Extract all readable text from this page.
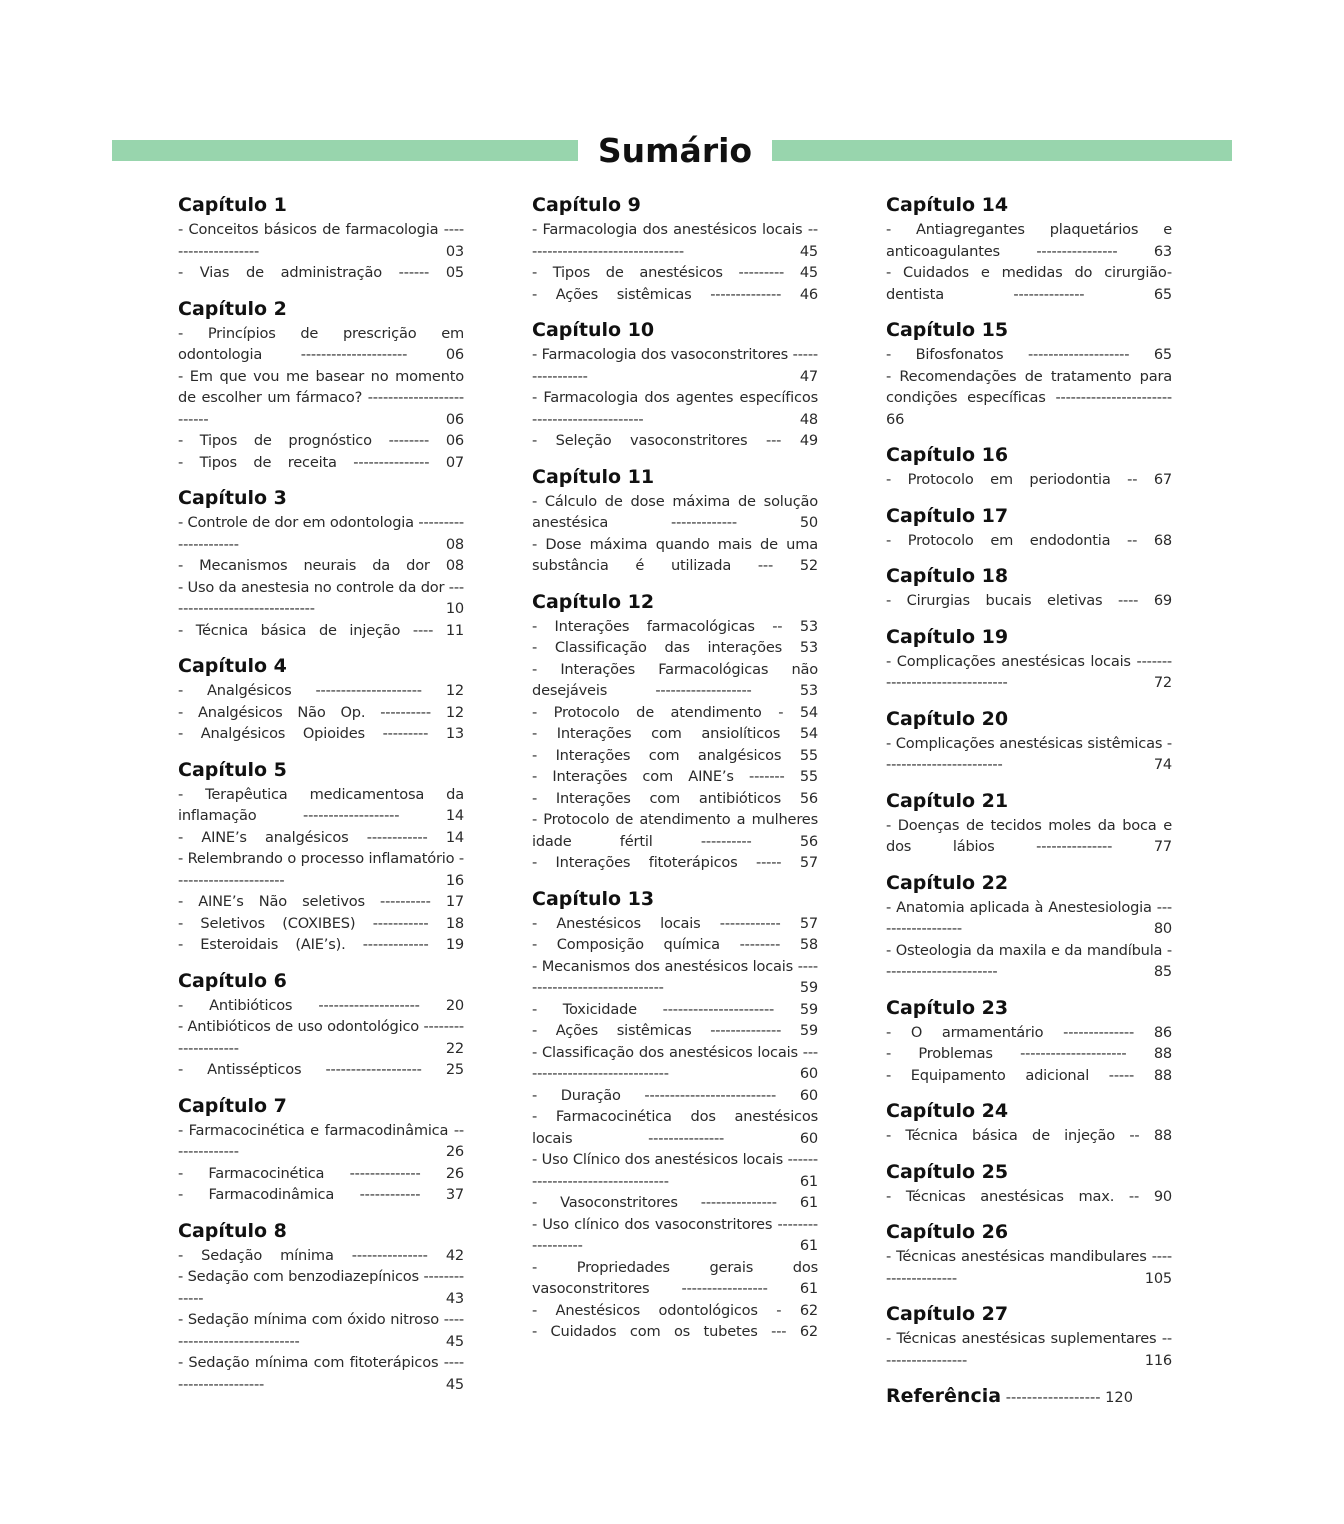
Sumário
Capítulo 1
- Conceitos básicos de farmacologia -------------------- 03
- Vias de administração ------ 05
Capítulo 2
- Princípios de prescrição em odontologia --------------------- 06
- Em que vou me basear no momento de escolher um fármaco? ------------------------- 06
- Tipos de prognóstico -------- 06
- Tipos de receita --------------- 07
Capítulo 3
- Controle de dor em odontologia --------------------- 08
- Mecanismos neurais da dor 08
- Uso da anestesia no controle da dor ------------------------------ 10
- Técnica básica de injeção ---- 11
Capítulo 4
- Analgésicos --------------------- 12
- Analgésicos Não Op. ---------- 12
- Analgésicos Opioides --------- 13
Capítulo 5
- Terapêutica medicamentosa da inflamação ------------------- 14
- AINE’s analgésicos ------------ 14
- Relembrando o processo inflamatório ---------------------- 16
- AINE’s Não seletivos ---------- 17
- Seletivos (COXIBES) ----------- 18
- Esteroidais (AIE’s). ------------- 19
Capítulo 6
- Antibióticos -------------------- 20
- Antibióticos de uso odontológico -------------------- 22
- Antissépticos ------------------- 25
Capítulo 7
- Farmacocinética e farmacodinâmica -------------- 26
- Farmacocinética -------------- 26
- Farmacodinâmica ------------ 37
Capítulo 8
- Sedação mínima --------------- 42
- Sedação com benzodiazepínicos ------------- 43
- Sedação mínima com óxido nitroso ---------------------------- 45
- Sedação mínima com fitoterápicos --------------------- 45
Capítulo 9
- Farmacologia dos anestésicos locais -------------------------------- 45
- Tipos de anestésicos --------- 45
- Ações sistêmicas -------------- 46
Capítulo 10
- Farmacologia dos vasoconstritores ---------------- 47
- Farmacologia dos agentes específicos ---------------------- 48
- Seleção vasoconstritores --- 49
Capítulo 11
- Cálculo de dose máxima de solução anestésica ------------- 50
- Dose máxima quando mais de uma substância é utilizada --- 52
Capítulo 12
- Interações farmacológicas -- 53
- Classificação das interações 53
- Interações Farmacológicas não desejáveis ------------------- 53
- Protocolo de atendimento - 54
- Interações com ansiolíticos 54
- Interações com analgésicos 55
- Interações com AINE’s ------- 55
- Interações com antibióticos 56
- Protocolo de atendimento a mulheres idade fértil ---------- 56
- Interações fitoterápicos ----- 57
Capítulo 13
- Anestésicos locais ------------ 57
- Composição química -------- 58
- Mecanismos dos anestésicos locais ------------------------------ 59
- Toxicidade ---------------------- 59
- Ações sistêmicas -------------- 59
- Classificação dos anestésicos locais ------------------------------ 60
- Duração -------------------------- 60
- Farmacocinética dos anestésicos locais --------------- 60
- Uso Clínico dos anestésicos locais --------------------------------- 61
- Vasoconstritores --------------- 61
- Uso clínico dos vasoconstritores ------------------ 61
- Propriedades gerais dos vasoconstritores ----------------- 61
- Anestésicos odontológicos - 62
- Cuidados com os tubetes --- 62
Capítulo 14
- Antiagregantes plaquetários e anticoagulantes ---------------- 63
- Cuidados e medidas do cirurgião-dentista -------------- 65
Capítulo 15
- Bifosfonatos -------------------- 65
- Recomendações de tratamento para condições específicas ----------------------- 66
Capítulo 16
- Protocolo em periodontia -- 67
Capítulo 17
- Protocolo em endodontia -- 68
Capítulo 18
- Cirurgias bucais eletivas ---- 69
Capítulo 19
- Complicações anestésicas locais ------------------------------- 72
Capítulo 20
- Complicações anestésicas sistêmicas ------------------------ 74
Capítulo 21
- Doenças de tecidos moles da boca e dos lábios --------------- 77
Capítulo 22
- Anatomia aplicada à Anestesiologia ------------------ 80
- Osteologia da maxila e da mandíbula ----------------------- 85
Capítulo 23
- O armamentário -------------- 86
- Problemas --------------------- 88
- Equipamento adicional ----- 88
Capítulo 24
- Técnica básica de injeção -- 88
Capítulo 25
- Técnicas anestésicas max. -- 90
Capítulo 26
- Técnicas anestésicas mandibulares ------------------ 105
Capítulo 27
- Técnicas anestésicas suplementares ------------------ 116
Referência ------------------ 120
